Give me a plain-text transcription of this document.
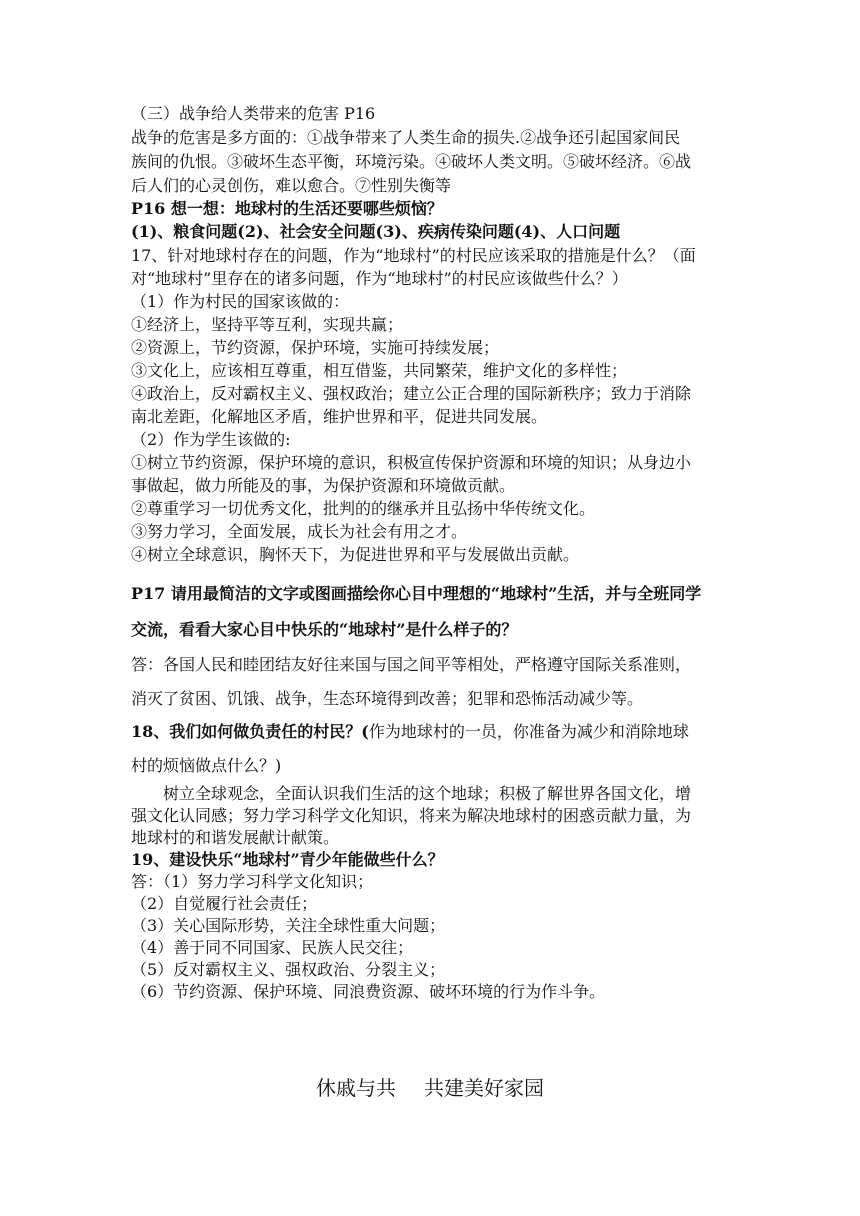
（三）战争给人类带来的危害 P16
战争的危害是多方面的：①战争带来了人类生命的损失.②战争还引起国家间民
族间的仇恨。③破坏生态平衡，环境污染。④破坏人类文明。⑤破坏经济。⑥战
后人们的心灵创伤，难以愈合。⑦性别失衡等
P16 想一想：地球村的生活还要哪些烦恼？
(1)、粮食问题(2)、社会安全问题(3)、疾病传染问题(4)、人口问题
17、针对地球村存在的问题，作为“地球村”的村民应该采取的措施是什么？（面
对“地球村”里存在的诸多问题，作为“地球村”的村民应该做些什么？）
（1）作为村民的国家该做的：
①经济上，坚持平等互利，实现共赢；
②资源上，节约资源，保护环境，实施可持续发展；
③文化上，应该相互尊重，相互借鉴，共同繁荣，维护文化的多样性；
④政治上，反对霸权主义、强权政治；建立公正合理的国际新秩序；致力于消除
南北差距，化解地区矛盾，维护世界和平，促进共同发展。
（2）作为学生该做的:
①树立节约资源，保护环境的意识，积极宣传保护资源和环境的知识；从身边小
事做起，做力所能及的事，为保护资源和环境做贡献。
②尊重学习一切优秀文化，批判的的继承并且弘扬中华传统文化。
③努力学习，全面发展，成长为社会有用之才。
④树立全球意识，胸怀天下，为促进世界和平与发展做出贡献。
P17 请用最简洁的文字或图画描绘你心目中理想的“地球村”生活，并与全班同学
交流，看看大家心目中快乐的“地球村”是什么样子的？
答：各国人民和睦团结友好往来国与国之间平等相处，严格遵守国际关系准则，
消灭了贫困、饥饿、战争，生态环境得到改善；犯罪和恐怖活动减少等。
18、我们如何做负责任的村民？(作为地球村的一员，你准备为减少和消除地球
村的烦恼做点什么？)
树立全球观念，全面认识我们生活的这个地球；积极了解世界各国文化，增
强文化认同感；努力学习科学文化知识，将来为解决地球村的困惑贡献力量，为
地球村的和谐发展献计献策。
19、建设快乐“地球村”青少年能做些什么？
答：（1）努力学习科学文化知识；
（2）自觉履行社会责任；
（3）关心国际形势，关注全球性重大问题；
（4）善于同不同国家、民族人民交往；
（5）反对霸权主义、强权政治、分裂主义；
（6）节约资源、保护环境、同浪费资源、破坏环境的行为作斗争。
休戚与共 共建美好家园
